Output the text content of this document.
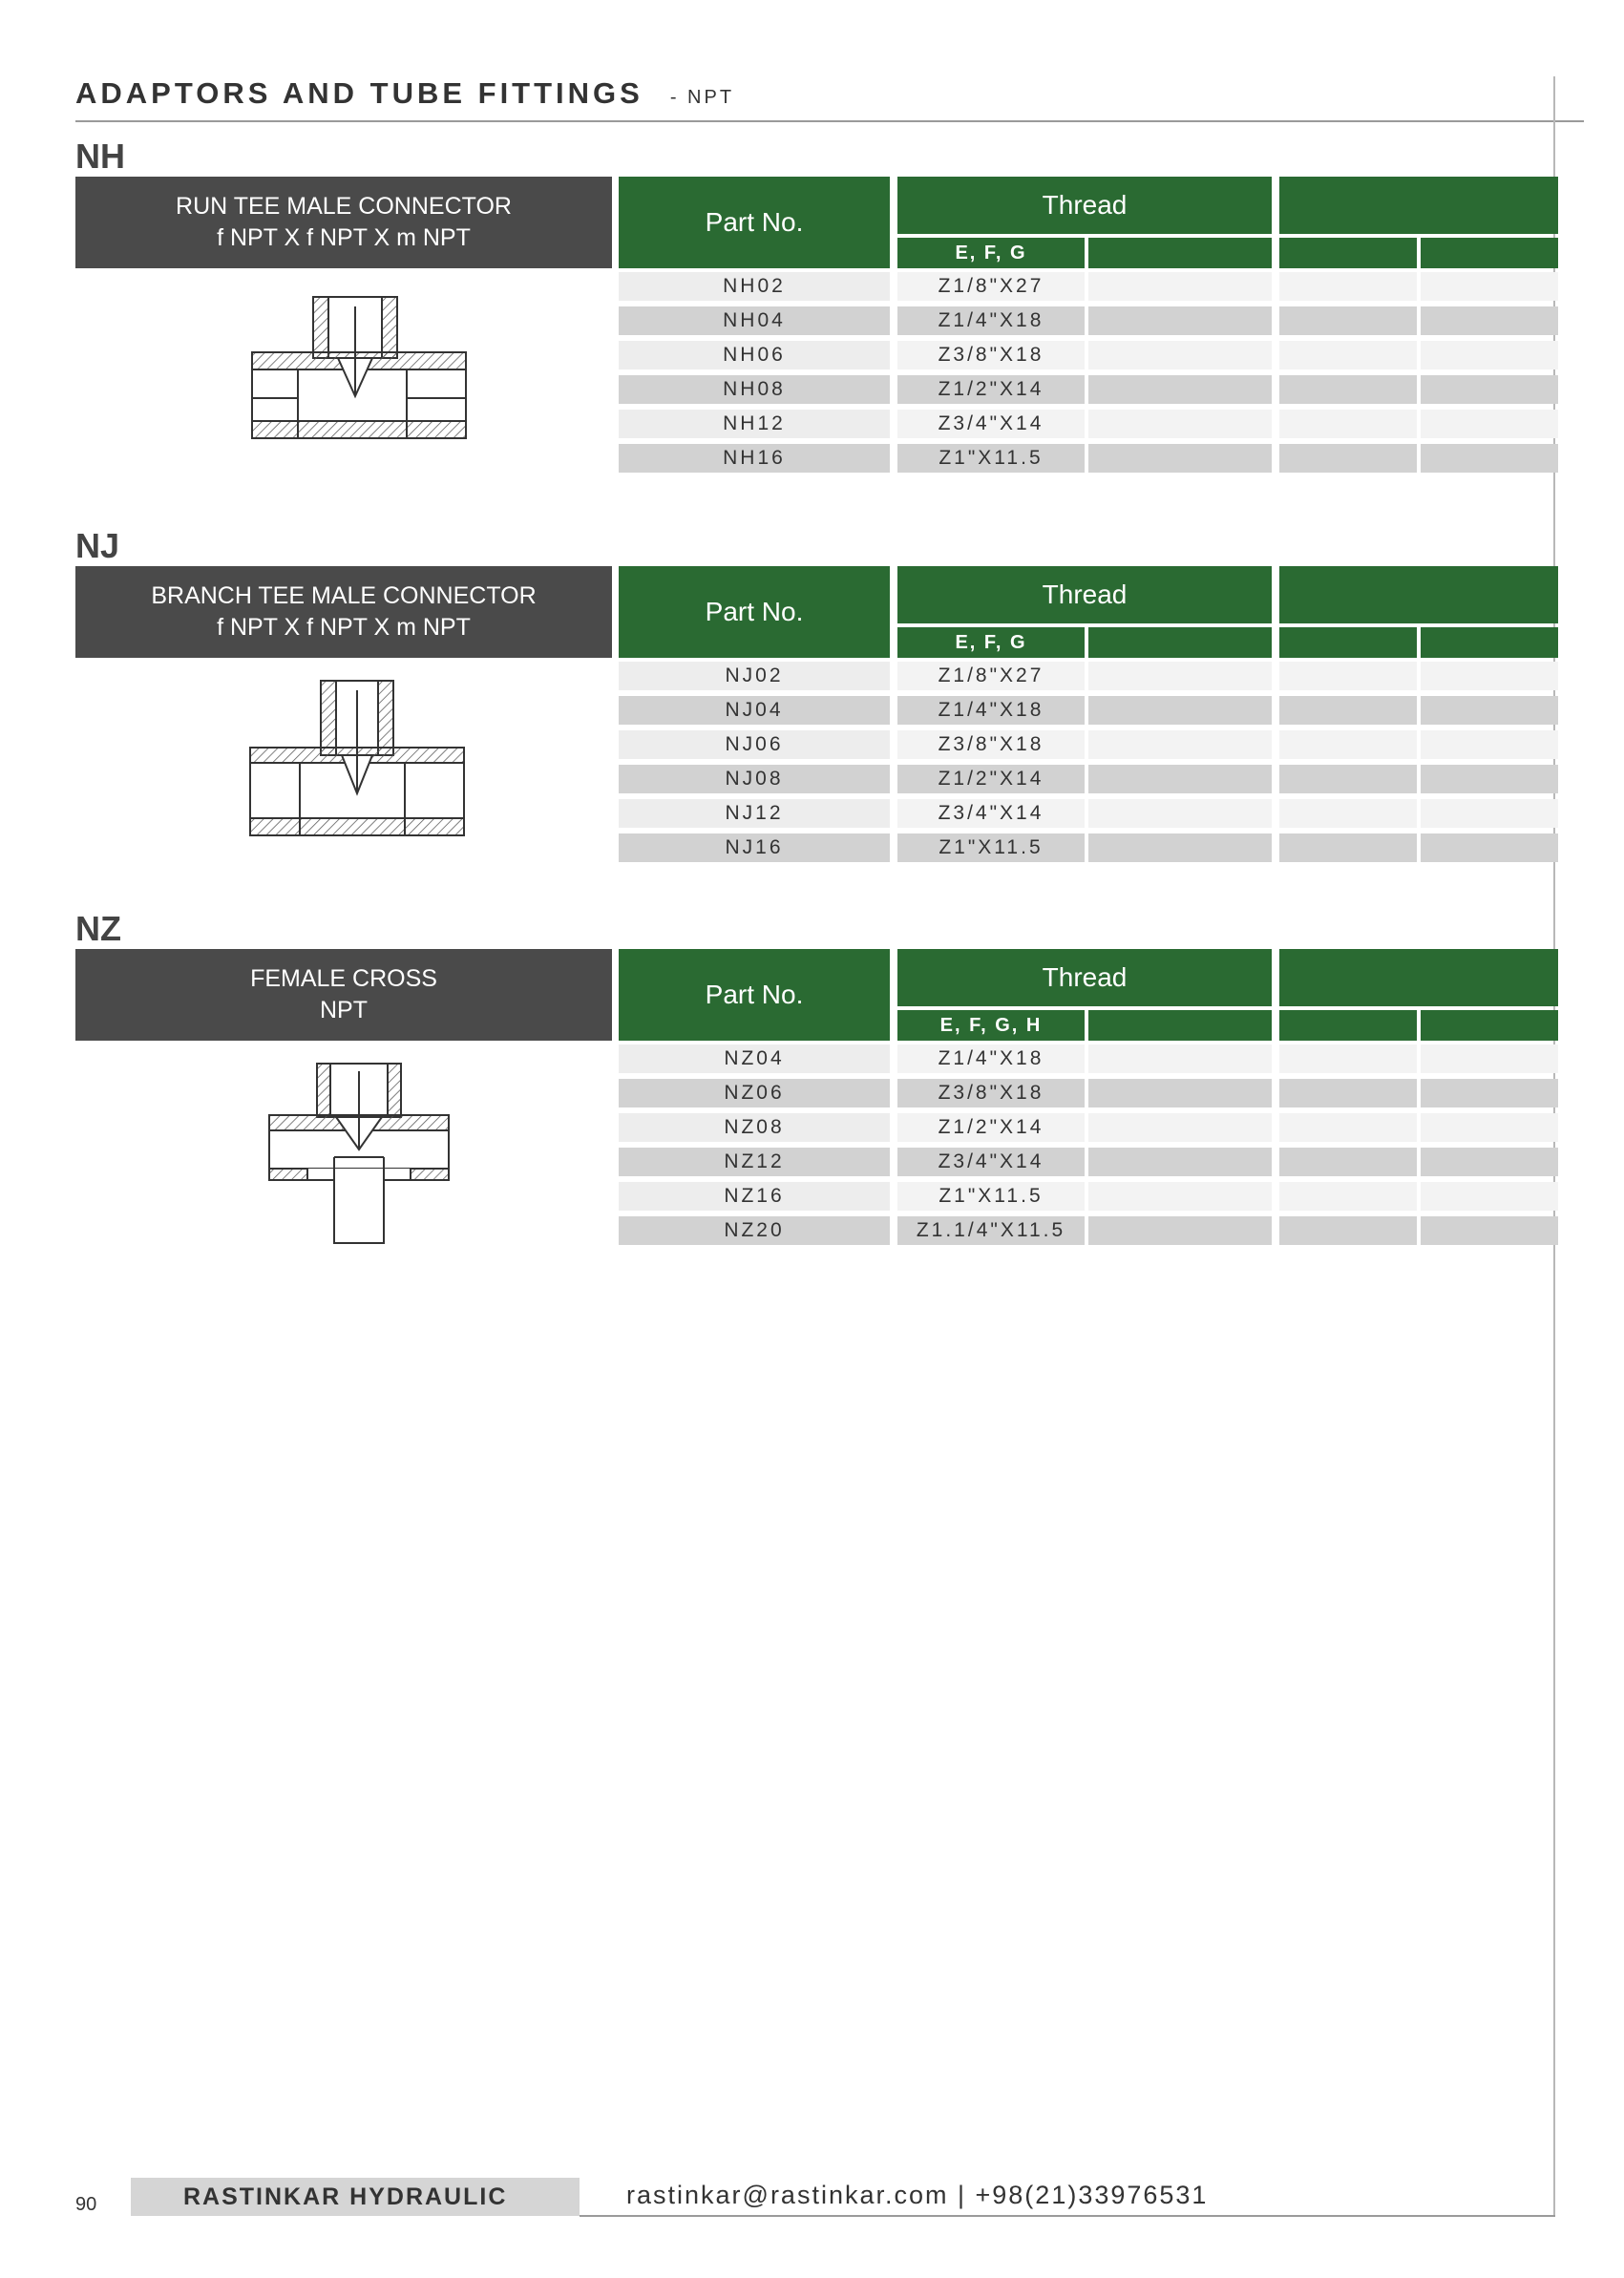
ADAPTORS AND TUBE FITTINGS - NPT
NH
RUN TEE MALE CONNECTOR
f NPT X f NPT X m NPT
Part No.
Thread
E, F, G
NH02	Z1/8"X27
NH04	Z1/4"X18
NH06	Z3/8"X18
NH08	Z1/2"X14
NH12	Z3/4"X14
NH16	Z1"X11.5
NJ
BRANCH TEE MALE CONNECTOR
f NPT X f NPT X m NPT
Part No.
Thread
E, F, G
NJ02	Z1/8"X27
NJ04	Z1/4"X18
NJ06	Z3/8"X18
NJ08	Z1/2"X14
NJ12	Z3/4"X14
NJ16	Z1"X11.5
NZ
FEMALE CROSS
NPT
Part No.
Thread
E, F, G, H
NZ04	Z1/4"X18
NZ06	Z3/8"X18
NZ08	Z1/2"X14
NZ12	Z3/4"X14
NZ16	Z1"X11.5
NZ20	Z1.1/4"X11.5
90	RASTINKAR HYDRAULIC	rastinkar@rastinkar.com | +98(21)33976531
